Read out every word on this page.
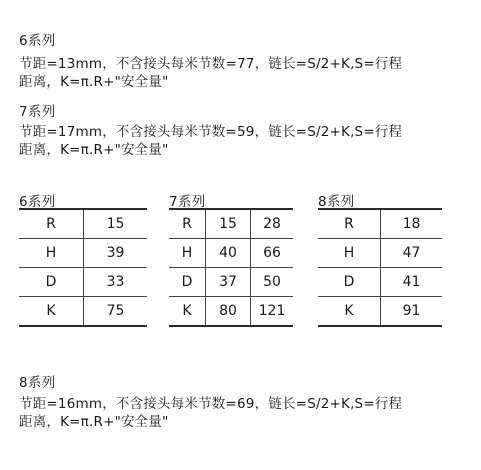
6系列
节距=13mm，不含接头每米节数=77，链长=S/2+K,S=行程
距离，K=π.R+"安全量"
7系列
节距=17mm，不含接头每米节数=59，链长=S/2+K,S=行程
距离，K=π.R+"安全量"
6系列
R	15
H	39
D	33
K	75
7系列
R	15	28
H	40	66
D	37	50
K	80	121
8系列
R	18
H	47
D	41
K	91
8系列
节距=16mm，不含接头每米节数=69，链长=S/2+K,S=行程
距离，K=π.R+"安全量"
